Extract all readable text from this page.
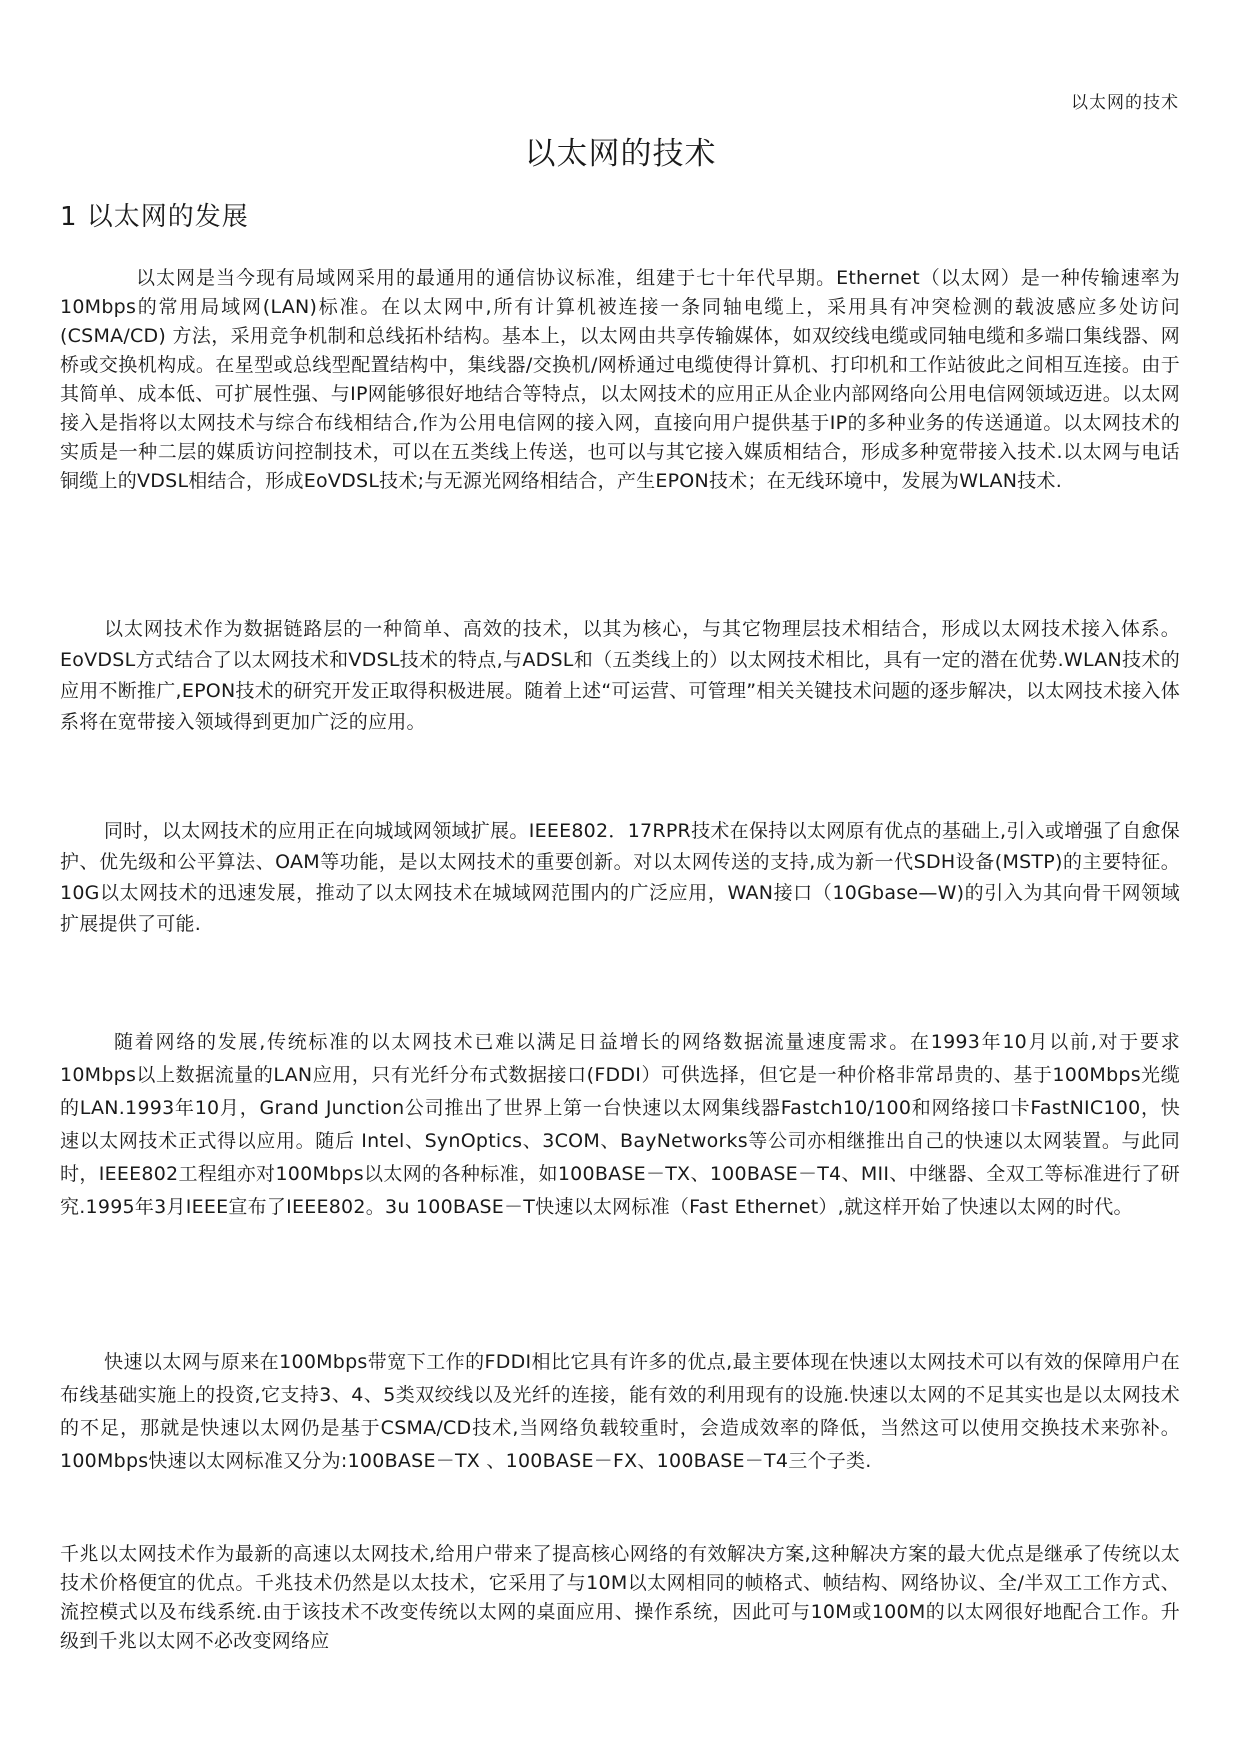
以太网的技术
以太网的技术
1 以太网的发展

以太网是当今现有局域网采用的最通用的通信协议标准，组建于七十年代早期。Ethernet（以太网）是一种传输速率为10Mbps的常用局域网(LAN)标准。在以太网中,所有计算机被连接一条同轴电缆上，采用具有冲突检测的载波感应多处访问(CSMA/CD) 方法，采用竞争机制和总线拓朴结构。基本上，以太网由共享传输媒体，如双绞线电缆或同轴电缆和多端口集线器、网桥或交换机构成。在星型或总线型配置结构中，集线器/交换机/网桥通过电缆使得计算机、打印机和工作站彼此之间相互连接。由于其简单、成本低、可扩展性强、与IP网能够很好地结合等特点，以太网技术的应用正从企业内部网络向公用电信网领域迈进。以太网接入是指将以太网技术与综合布线相结合,作为公用电信网的接入网，直接向用户提供基于IP的多种业务的传送通道。以太网技术的实质是一种二层的媒质访问控制技术，可以在五类线上传送，也可以与其它接入媒质相结合，形成多种宽带接入技术.以太网与电话铜缆上的VDSL相结合，形成EoVDSL技术;与无源光网络相结合，产生EPON技术；在无线环境中，发展为WLAN技术.

以太网技术作为数据链路层的一种简单、高效的技术，以其为核心，与其它物理层技术相结合，形成以太网技术接入体系。EoVDSL方式结合了以太网技术和VDSL技术的特点,与ADSL和（五类线上的）以太网技术相比，具有一定的潜在优势.WLAN技术的应用不断推广,EPON技术的研究开发正取得积极进展。随着上述“可运营、可管理”相关关键技术问题的逐步解决，以太网技术接入体系将在宽带接入领域得到更加广泛的应用。

同时，以太网技术的应用正在向城域网领域扩展。IEEE802．17RPR技术在保持以太网原有优点的基础上,引入或增强了自愈保护、优先级和公平算法、OAM等功能，是以太网技术的重要创新。对以太网传送的支持,成为新一代SDH设备(MSTP)的主要特征。10G以太网技术的迅速发展，推动了以太网技术在城域网范围内的广泛应用，WAN接口（10Gbase—W)的引入为其向骨干网领域扩展提供了可能.

随着网络的发展,传统标准的以太网技术已难以满足日益增长的网络数据流量速度需求。在1993年10月以前,对于要求10Mbps以上数据流量的LAN应用，只有光纤分布式数据接口(FDDI）可供选择，但它是一种价格非常昂贵的、基于100Mbps光缆的LAN.1993年10月，Grand Junction公司推出了世界上第一台快速以太网集线器Fastch10/100和网络接口卡FastNIC100，快速以太网技术正式得以应用。随后 Intel、SynOptics、3COM、BayNetworks等公司亦相继推出自己的快速以太网装置。与此同时，IEEE802工程组亦对100Mbps以太网的各种标准，如100BASE－TX、100BASE－T4、MII、中继器、全双工等标准进行了研究.1995年3月IEEE宣布了IEEE802。3u 100BASE－T快速以太网标准（Fast Ethernet）,就这样开始了快速以太网的时代。

快速以太网与原来在100Mbps带宽下工作的FDDI相比它具有许多的优点,最主要体现在快速以太网技术可以有效的保障用户在布线基础实施上的投资,它支持3、4、5类双绞线以及光纤的连接，能有效的利用现有的设施.快速以太网的不足其实也是以太网技术的不足，那就是快速以太网仍是基于CSMA/CD技术,当网络负载较重时，会造成效率的降低，当然这可以使用交换技术来弥补。100Mbps快速以太网标准又分为:100BASE－TX 、100BASE－FX、100BASE－T4三个子类.

千兆以太网技术作为最新的高速以太网技术,给用户带来了提高核心网络的有效解决方案,这种解决方案的最大优点是继承了传统以太技术价格便宜的优点。千兆技术仍然是以太技术，它采用了与10M以太网相同的帧格式、帧结构、网络协议、全/半双工工作方式、流控模式以及布线系统.由于该技术不改变传统以太网的桌面应用、操作系统，因此可与10M或100M的以太网很好地配合工作。升级到千兆以太网不必改变网络应
